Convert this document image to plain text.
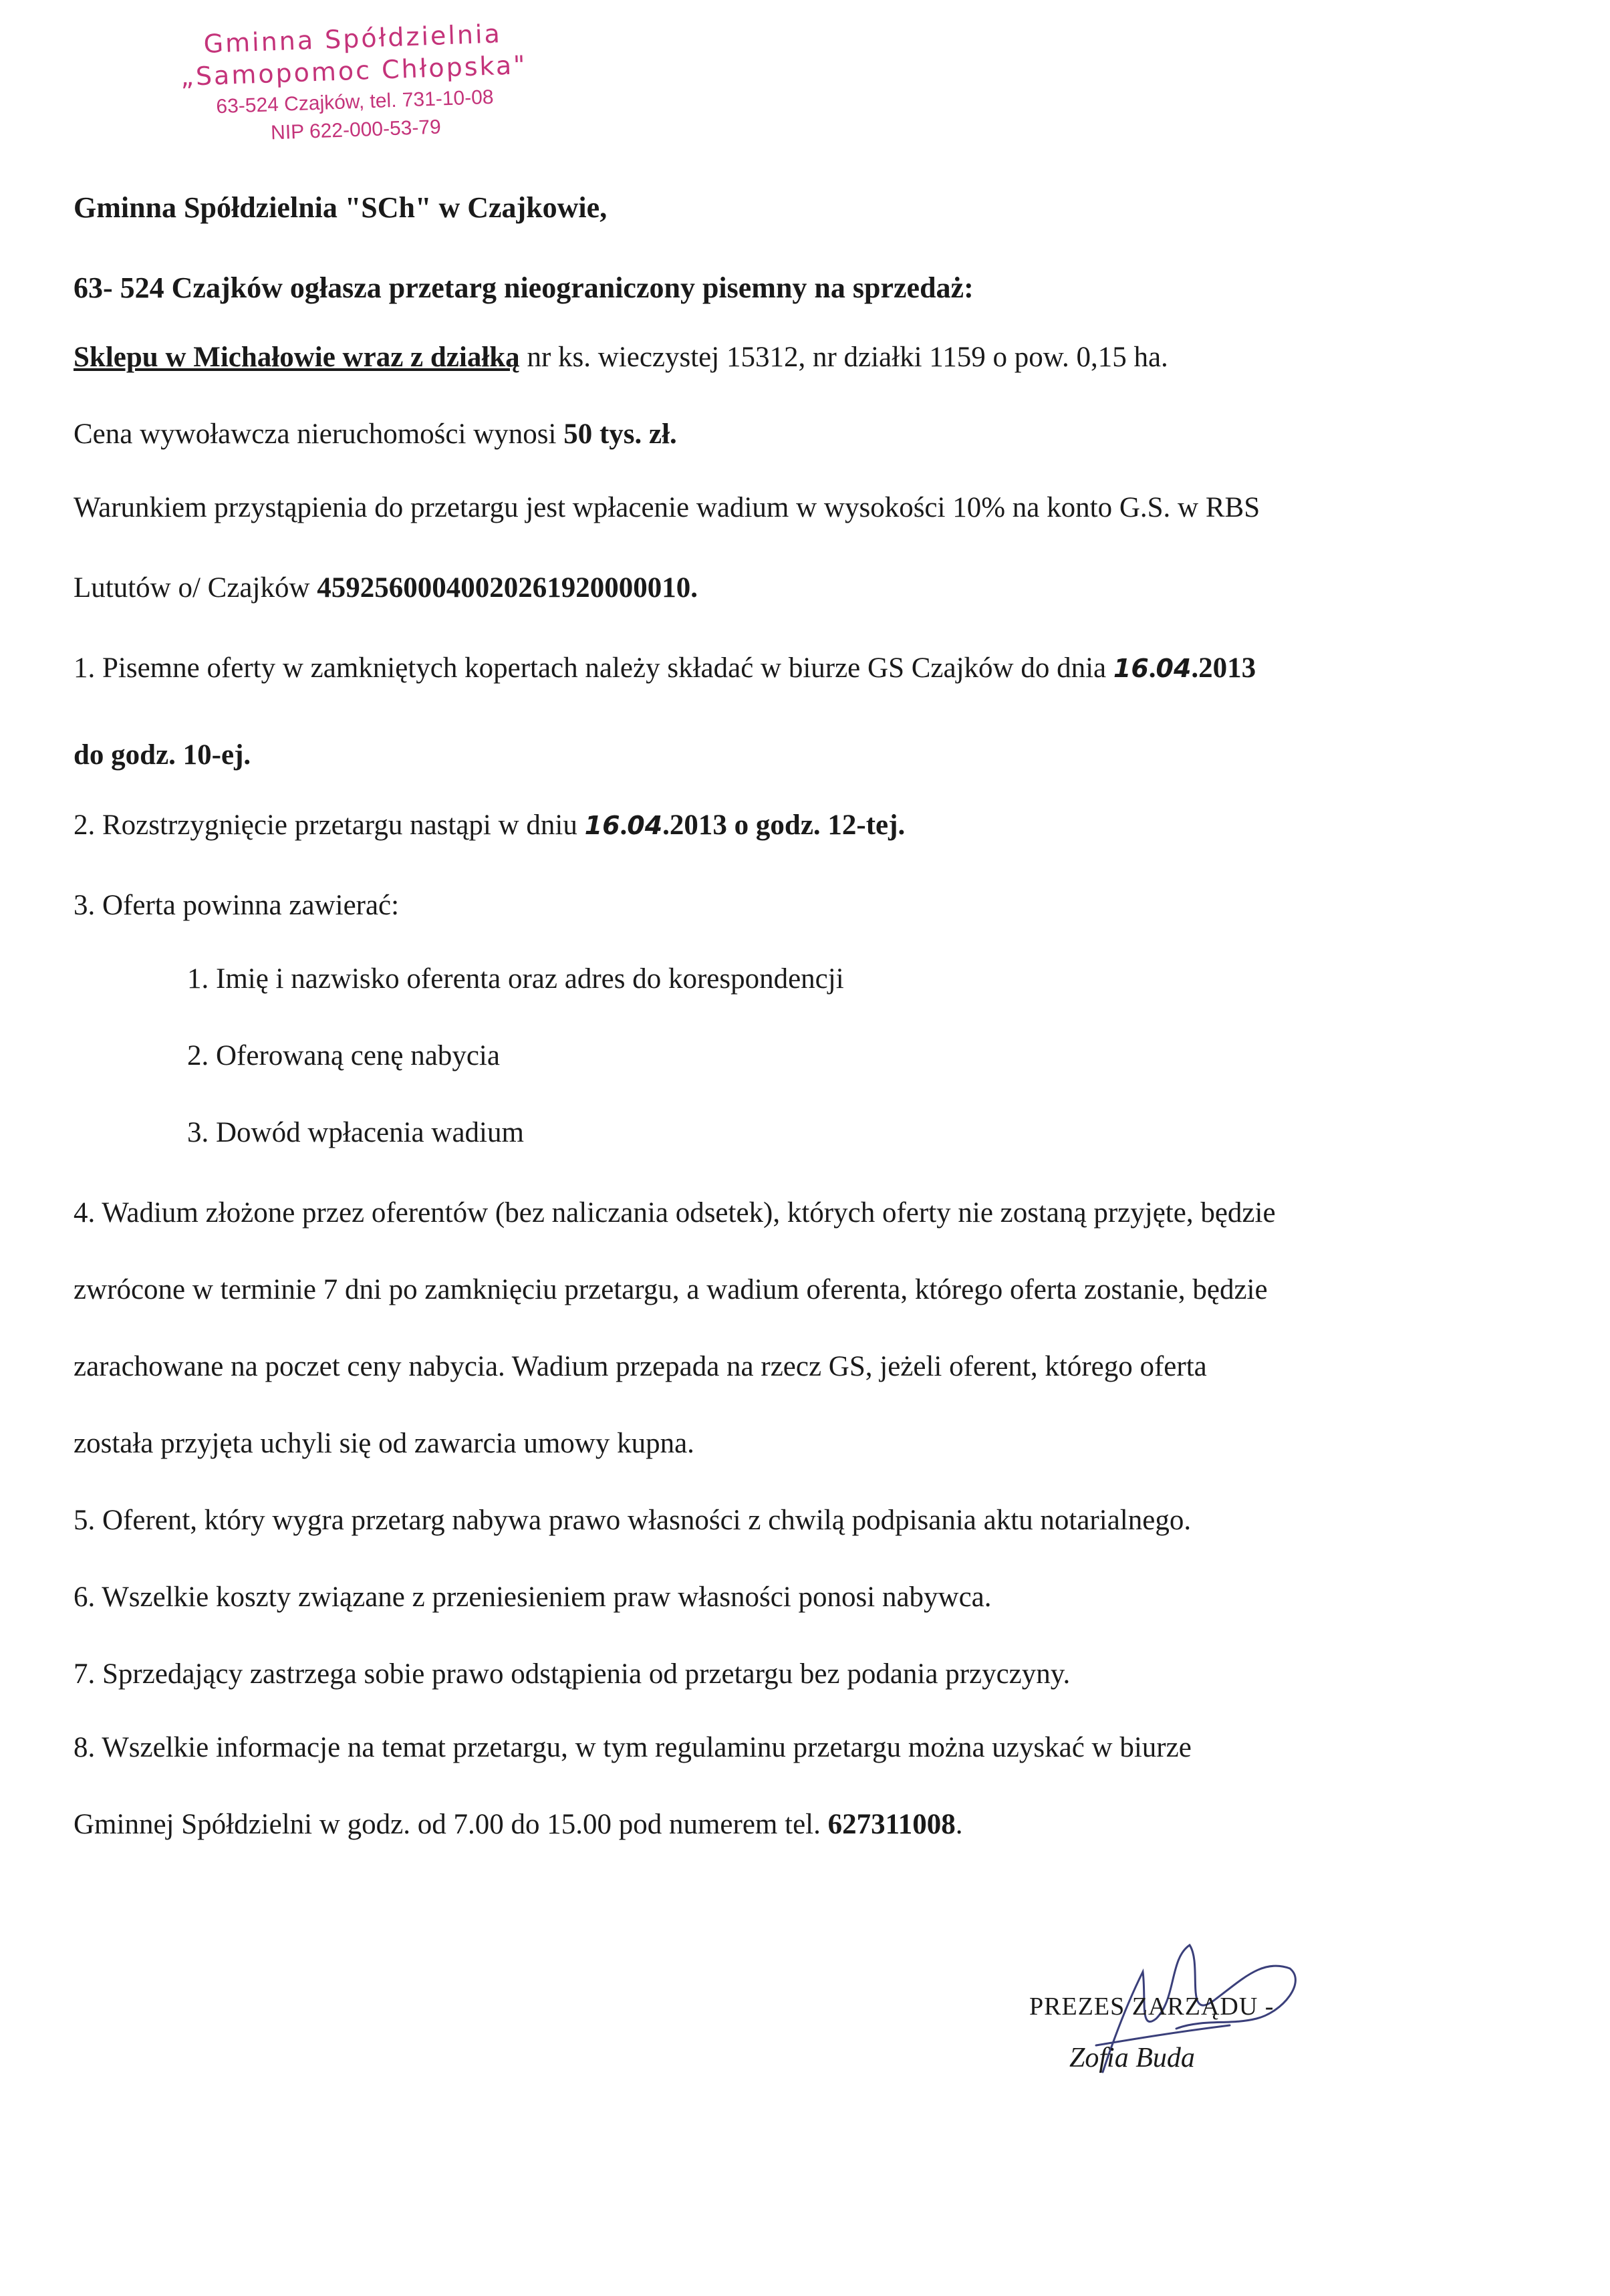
Gminna Spółdzielnia
„Samopomoc Chłopska"
63-524 Czajków, tel. 731-10-08
NIP 622-000-53-79
Gminna Spółdzielnia "SCh" w Czajkowie,
63- 524 Czajków ogłasza przetarg nieograniczony pisemny na sprzedaż:
Sklepu w Michałowie wraz z działką nr ks. wieczystej 15312, nr działki 1159 o pow. 0,15 ha.
Cena wywoławcza nieruchomości wynosi 50 tys. zł.
Warunkiem przystąpienia do przetargu jest wpłacenie wadium w wysokości 10% na konto G.S. w RBS
Lututów o/ Czajków 45925600040020261920000010.
1. Pisemne oferty w zamkniętych kopertach należy składać w biurze GS Czajków do dnia 16.04.2013
do godz. 10-ej.
2. Rozstrzygnięcie przetargu nastąpi w dniu 16.04.2013 o godz. 12-tej.
3. Oferta powinna zawierać:
1. Imię i nazwisko oferenta oraz adres do korespondencji
2. Oferowaną cenę nabycia
3. Dowód wpłacenia wadium
4. Wadium złożone przez oferentów (bez naliczania odsetek), których oferty nie zostaną przyjęte, będzie
zwrócone w terminie 7 dni po zamknięciu przetargu, a wadium oferenta, którego oferta zostanie, będzie
zarachowane na poczet ceny nabycia. Wadium przepada na rzecz GS, jeżeli oferent, którego oferta
została przyjęta uchyli się od zawarcia umowy kupna.
5. Oferent, który wygra przetarg nabywa prawo własności z chwilą podpisania aktu notarialnego.
6. Wszelkie koszty związane z przeniesieniem praw własności ponosi nabywca.
7. Sprzedający zastrzega sobie prawo odstąpienia od przetargu bez podania przyczyny.
8. Wszelkie informacje na temat przetargu, w tym regulaminu przetargu można uzyskać w biurze
Gminnej Spółdzielni w godz. od 7.00 do 15.00 pod numerem tel. 627311008.
PREZES ZARZĄDU -
Zofia Buda
